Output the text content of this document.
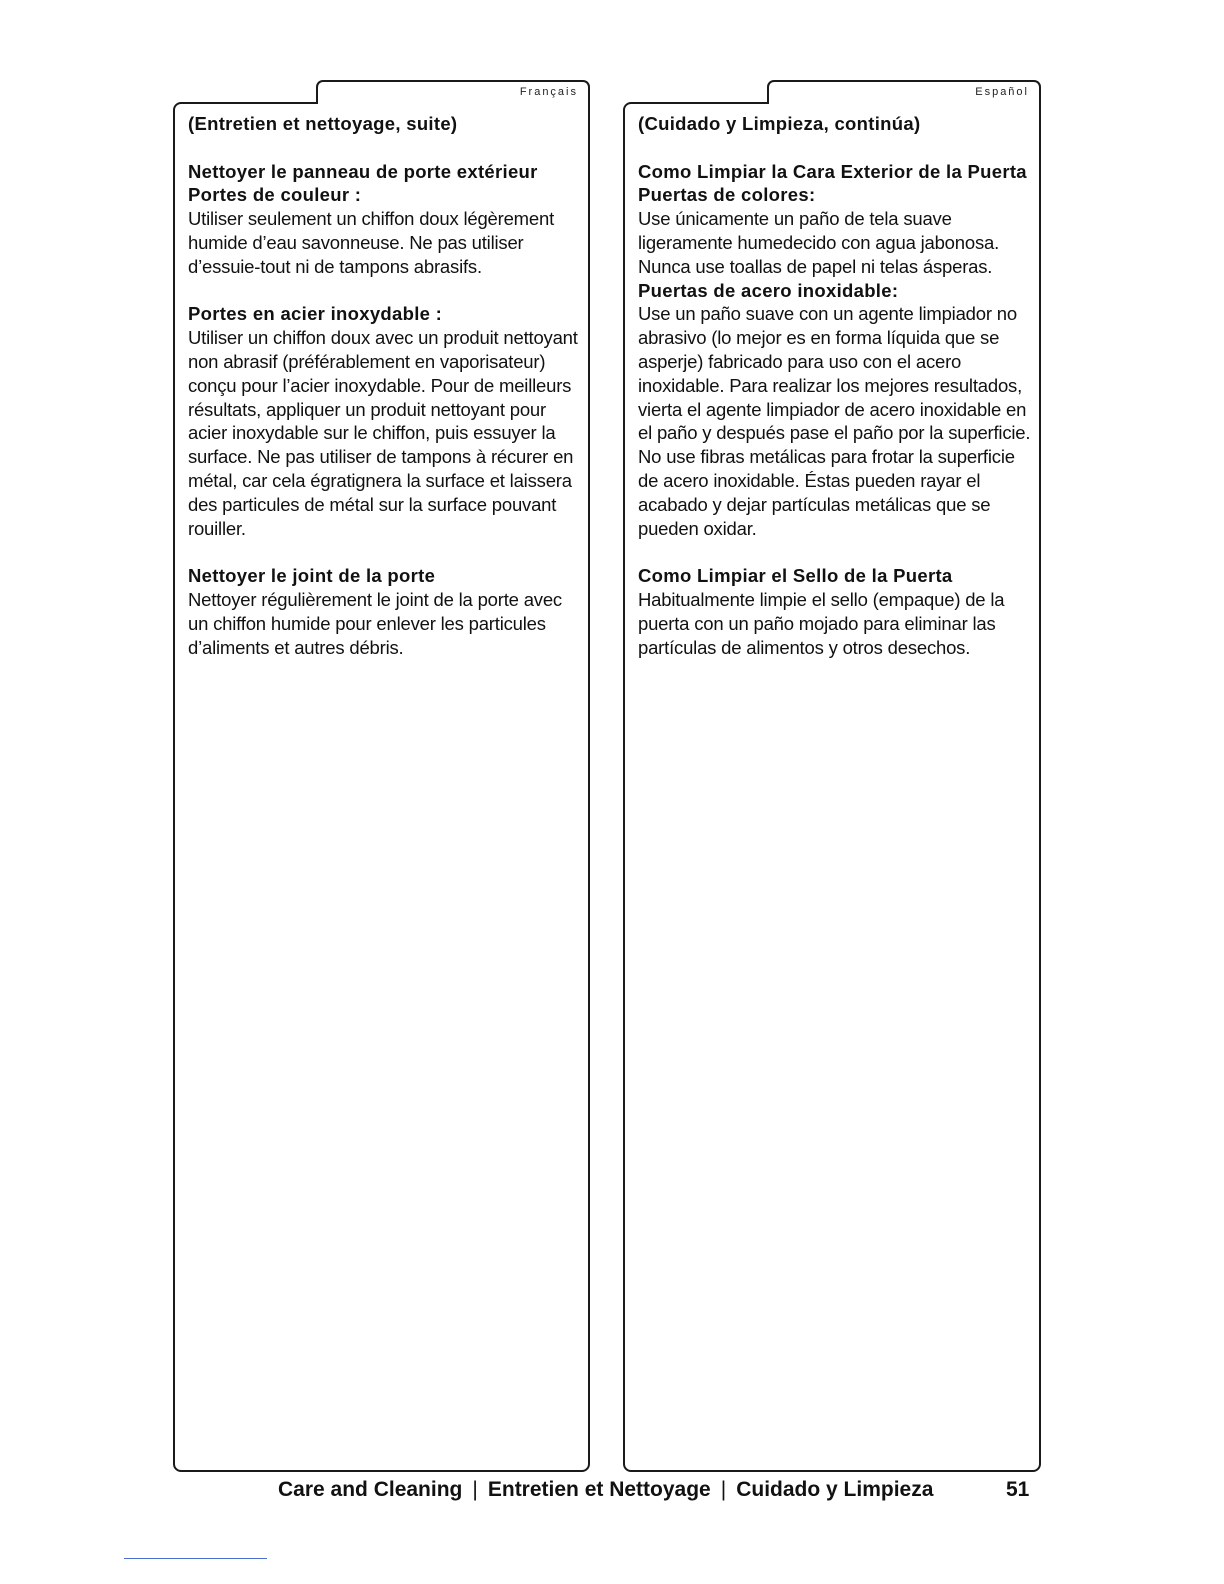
Français

(Entretien et nettoyage, suite)

Nettoyer le panneau de porte extérieur

Portes de couleur :

Utiliser seulement un chiffon doux légèrement humide d’eau savonneuse. Ne pas utiliser d’essuie-tout ni de tampons abrasifs.

Portes en acier inoxydable :

Utiliser un chiffon doux avec un produit nettoyant non abrasif (préférablement en vaporisateur) conçu pour l’acier inoxydable. Pour de meilleurs résultats, appliquer un produit nettoyant pour acier inoxydable sur le chiffon, puis essuyer la surface. Ne pas utiliser de tampons à récurer en métal, car cela égratignera la surface et laissera des particules de métal sur la surface pouvant rouiller.

Nettoyer le joint de la porte

Nettoyer régulièrement le joint de la porte avec un chiffon humide pour enlever les particules d’aliments et autres débris.

Español

(Cuidado y Limpieza, continúa)

Como Limpiar la Cara Exterior de la Puerta

Puertas de colores:

Use únicamente un paño de tela suave ligeramente humedecido con agua jabonosa. Nunca use toallas de papel ni telas ásperas.

Puertas de acero inoxidable:

Use un paño suave con un agente limpiador no abrasivo (lo mejor es en forma líquida que se asperje) fabricado para uso con el acero inoxidable. Para realizar los mejores resultados, vierta el agente limpiador de acero inoxidable en el paño y después pase el paño por la superficie. No use fibras metálicas para frotar la superficie de acero inoxidable. Éstas pueden rayar el acabado y dejar partículas metálicas que se pueden oxidar.

Como Limpiar el Sello de la Puerta

Habitualmente limpie el sello (empaque) de la puerta con un paño mojado para eliminar las partículas de alimentos y otros desechos.

Care and Cleaning | Entretien et Nettoyage | Cuidado y Limpieza	51
